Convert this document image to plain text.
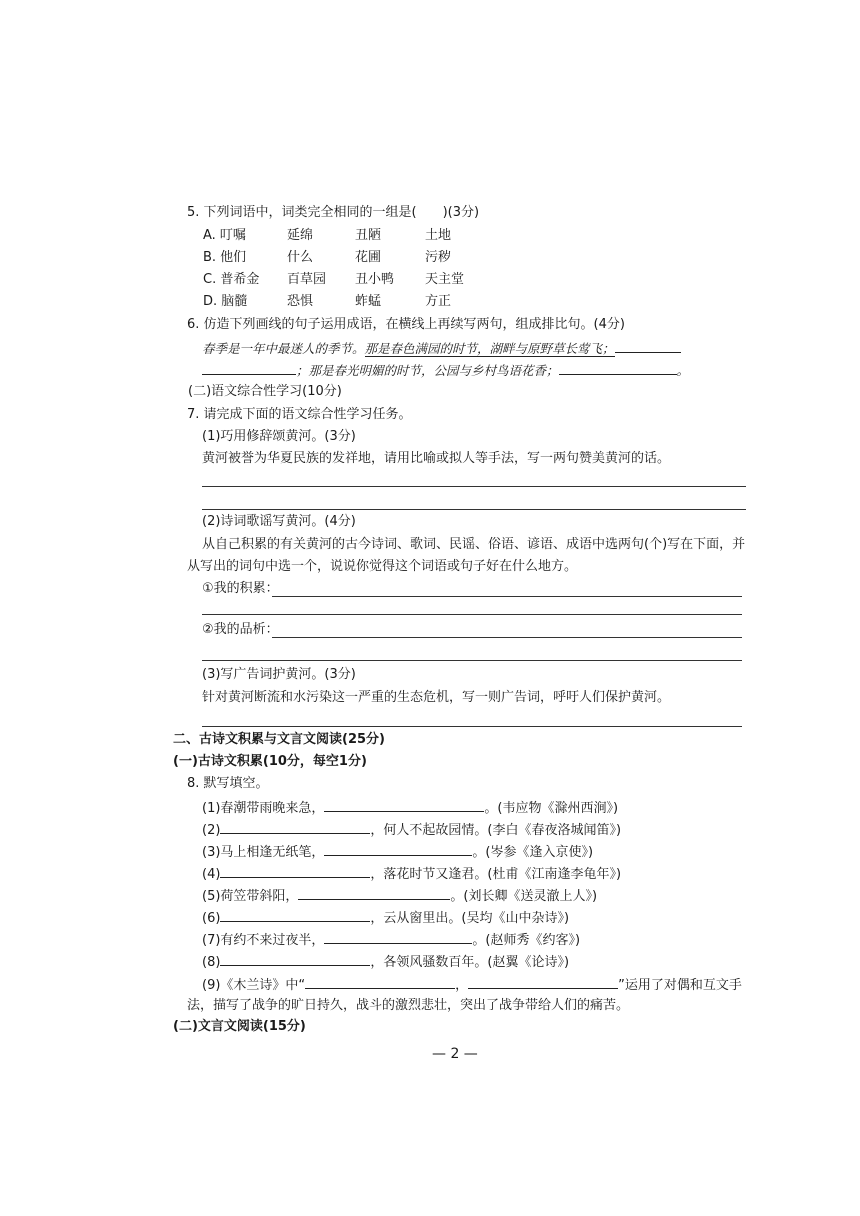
5. 下列词语中，词类完全相同的一组是(　　)(3分)
A. 叮嘱	延绵	丑陋	土地
B. 他们	什么	花圃	污秽
C. 普希金 百草园 丑小鸭 天主堂
D. 脑髓	恐惧	蚱蜢	方正
6. 仿造下列画线的句子运用成语，在横线上再续写两句，组成排比句。(4分)
春季是一年中最迷人的季节。那是春色满园的时节，湖畔与原野草长莺飞；
；那是春光明媚的时节，公园与乡村鸟语花香；	。
(二)语文综合性学习(10分)
7. 请完成下面的语文综合性学习任务。
(1)巧用修辞颂黄河。(3分)
黄河被誉为华夏民族的发祥地，请用比喻或拟人等手法，写一两句赞美黄河的话。
(2)诗词歌谣写黄河。(4分)
从自己积累的有关黄河的古今诗词、歌词、民谣、俗语、谚语、成语中选两句(个)写在下面，并
从写出的词句中选一个，说说你觉得这个词语或句子好在什么地方。
①我的积累：
②我的品析：
(3)写广告词护黄河。(3分)
针对黄河断流和水污染这一严重的生态危机，写一则广告词，呼吁人们保护黄河。
二、古诗文积累与文言文阅读(25分)
(一)古诗文积累(10分，每空1分)
8. 默写填空。
(1)春潮带雨晚来急，	。(韦应物《滁州西涧》)
(2)	，何人不起故园情。(李白《春夜洛城闻笛》)
(3)马上相逢无纸笔，	。(岑参《逢入京使》)
(4)	，落花时节又逢君。(杜甫《江南逢李龟年》)
(5)荷笠带斜阳，	。(刘长卿《送灵澈上人》)
(6)	，云从窗里出。(吴均《山中杂诗》)
(7)有约不来过夜半，	。(赵师秀《约客》)
(8)	，各领风骚数百年。(赵翼《论诗》)
(9)《木兰诗》中“	，	”运用了对偶和互文手
法，描写了战争的旷日持久，战斗的激烈悲壮，突出了战争带给人们的痛苦。
(二)文言文阅读(15分)
— 2 —
